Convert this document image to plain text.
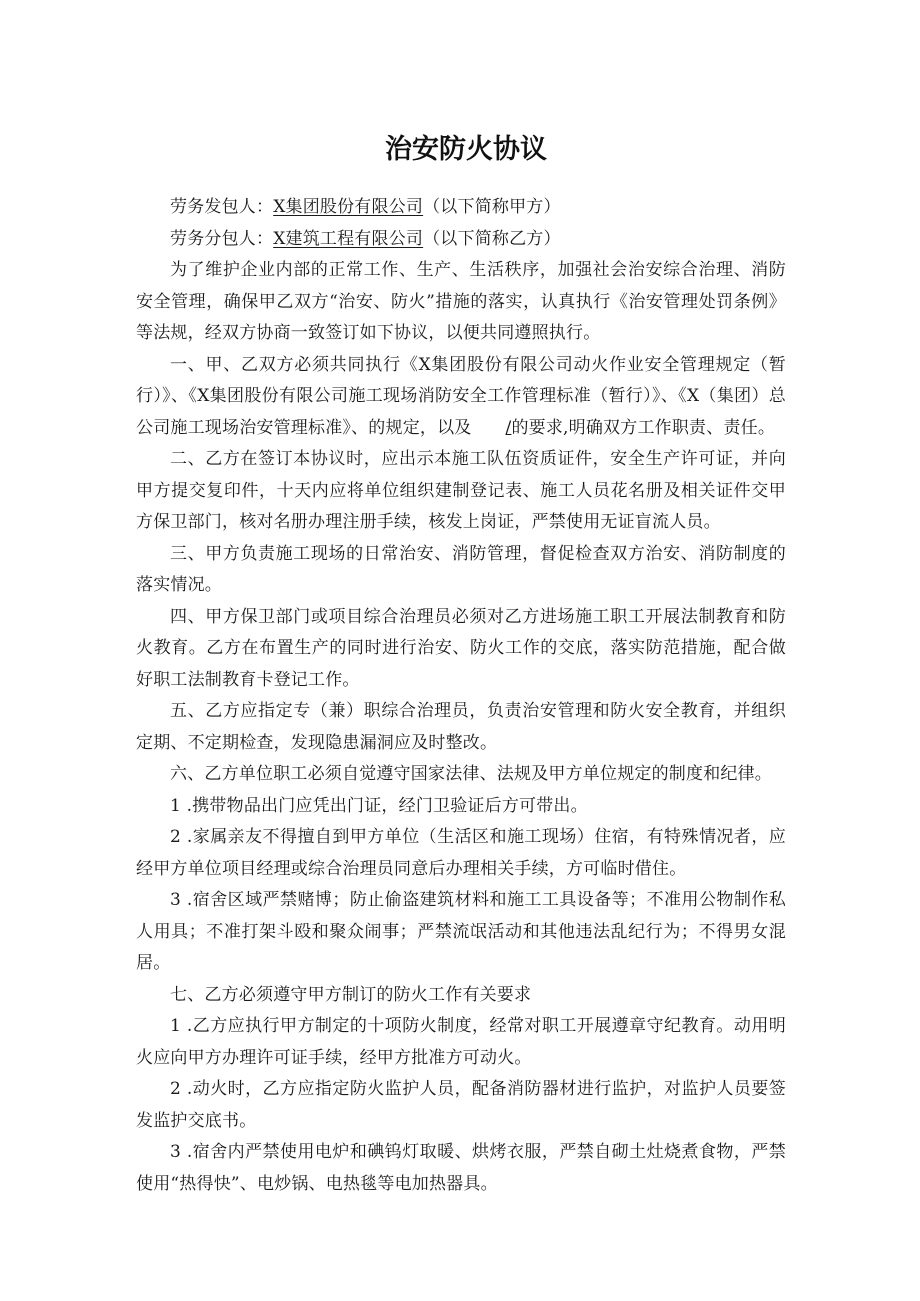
治安防火协议

劳务发包人：X集团股份有限公司（以下简称甲方）

劳务分包人：X建筑工程有限公司（以下简称乙方）

为了维护企业内部的正常工作、生产、生活秩序，加强社会治安综合治理、消防安全管理，确保甲乙双方“治安、防火”措施的落实，认真执行《治安管理处罚条例》等法规，经双方协商一致签订如下协议，以便共同遵照执行。

一、甲、乙双方必须共同执行《X集团股份有限公司动火作业安全管理规定（暂行）》、《X集团股份有限公司施工现场消防安全工作管理标准（暂行）》、《X（集团）总公司施工现场治安管理标准》、的规定，以及 /的要求,明确双方工作职责、责任。

二、乙方在签订本协议时，应出示本施工队伍资质证件，安全生产许可证，并向甲方提交复印件，十天内应将单位组织建制登记表、施工人员花名册及相关证件交甲方保卫部门，核对名册办理注册手续，核发上岗证，严禁使用无证盲流人员。

三、甲方负责施工现场的日常治安、消防管理，督促检查双方治安、消防制度的落实情况。

四、甲方保卫部门或项目综合治理员必须对乙方进场施工职工开展法制教育和防火教育。乙方在布置生产的同时进行治安、防火工作的交底，落实防范措施，配合做好职工法制教育卡登记工作。

五、乙方应指定专（兼）职综合治理员，负责治安管理和防火安全教育，并组织定期、不定期检查，发现隐患漏洞应及时整改。

六、乙方单位职工必须自觉遵守国家法律、法规及甲方单位规定的制度和纪律。

1 .携带物品出门应凭出门证，经门卫验证后方可带出。

2 .家属亲友不得擅自到甲方单位（生活区和施工现场）住宿，有特殊情况者，应经甲方单位项目经理或综合治理员同意后办理相关手续，方可临时借住。

3 .宿舍区域严禁赌博；防止偷盗建筑材料和施工工具设备等；不准用公物制作私人用具；不准打架斗殴和聚众闹事；严禁流氓活动和其他违法乱纪行为；不得男女混居。

七、乙方必须遵守甲方制订的防火工作有关要求

1 .乙方应执行甲方制定的十项防火制度，经常对职工开展遵章守纪教育。动用明火应向甲方办理许可证手续，经甲方批准方可动火。

2 .动火时，乙方应指定防火监护人员，配备消防器材进行监护，对监护人员要签发监护交底书。

3 .宿舍内严禁使用电炉和碘钨灯取暖、烘烤衣服，严禁自砌土灶烧煮食物，严禁使用“热得快”、电炒锅、电热毯等电加热器具。
